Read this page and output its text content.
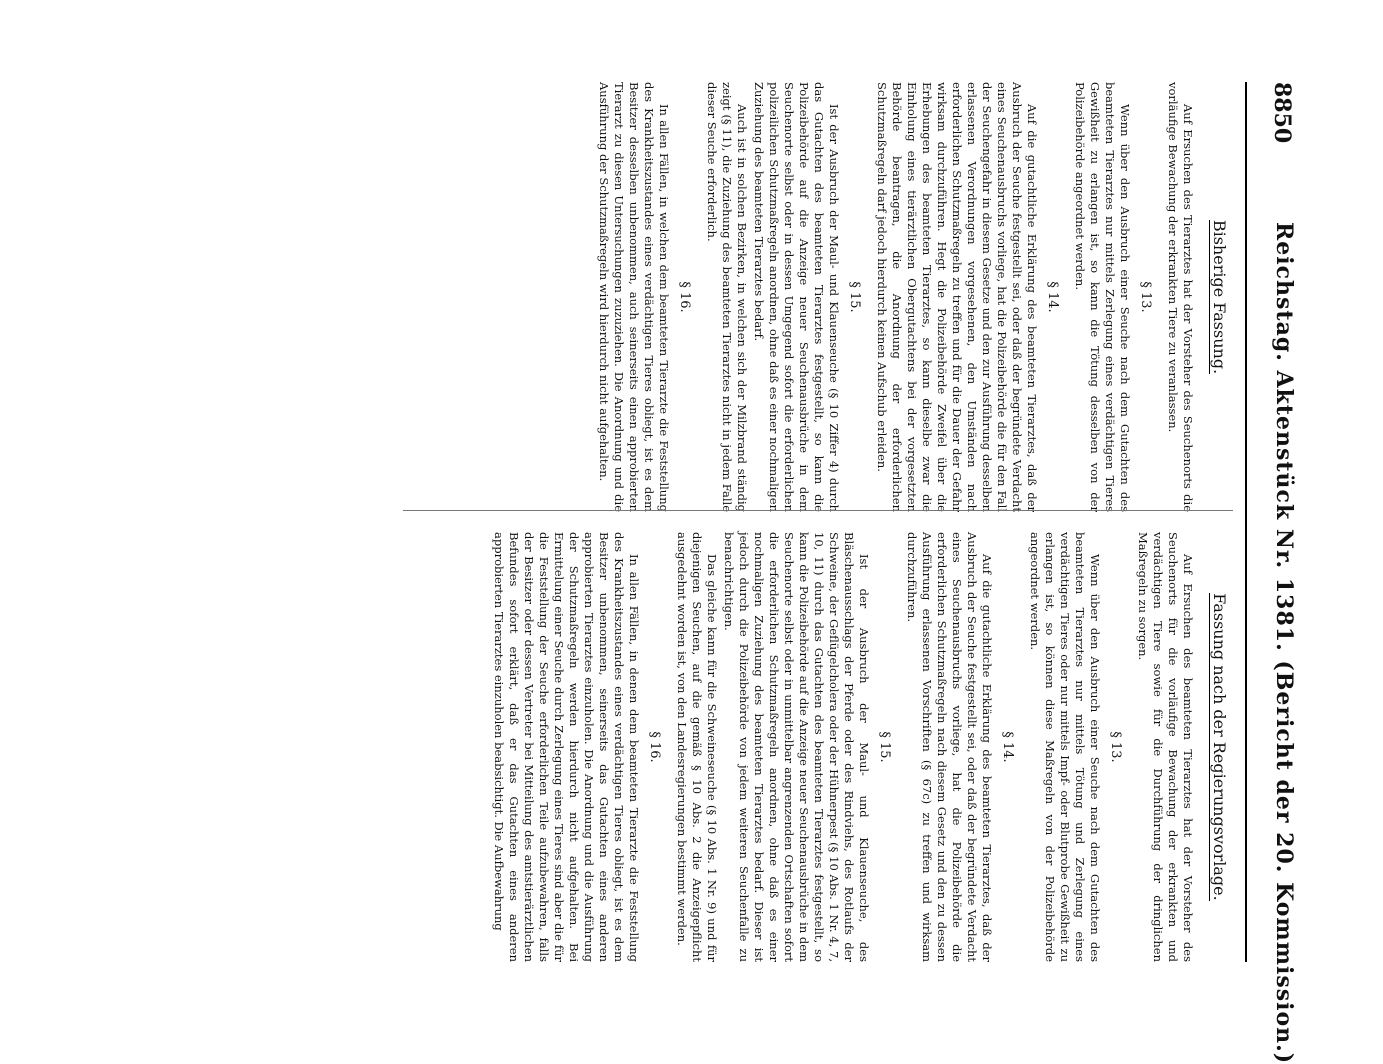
8850
Reichstag. Aktenstück Nr. 1381. (Bericht der 20. Kommission.)
Bisherige Fassung.
Auf Ersuchen des Tierarztes hat der Vorsteher des Seuchenorts die vorläufige Bewachung der erkrankten Tiere zu veranlassen.
§ 13.
Wenn über den Ausbruch einer Seuche nach dem Gutachten des beamteten Tierarztes nur mittels Zerlegung eines verdächtigen Tieres Gewißheit zu erlangen ist, so kann die Tötung desselben von der Polizeibehörde angeordnet werden.
§ 14.
Auf die gutachtliche Erklärung des beamteten Tierarztes, daß der Ausbruch der Seuche festgestellt sei, oder daß der begründete Verdacht eines Seuchenausbruchs vorliege, hat die Polizeibehörde die für den Fall der Seuchengefahr in diesem Gesetze und den zur Ausführung desselben erlassenen Verordnungen vorgesehenen, den Umständen nach erforderlichen Schutzmaßregeln zu treffen und für die Dauer der Gefahr wirksam durchzuführen. Hegt die Polizeibehörde Zweifel über die Erhebungen des beamteten Tierarztes, so kann dieselbe zwar die Einholung eines tierärztlichen Obergutachtens bei der vorgesetzten Behörde beantragen, die Anordnung der erforderlichen Schutzmaßregeln darf jedoch hierdurch keinen Aufschub erleiden.
§ 15.
Ist der Ausbruch der Maul- und Klauenseuche (§ 10 Ziffer 4) durch das Gutachten des beamteten Tierarztes festgestellt, so kann die Polizeibehörde auf die Anzeige neuer Seuchenausbrüche in dem Seuchenorte selbst oder in dessen Umgegend sofort die erforderlichen polizeilichen Schutzmaßregeln anordnen, ohne daß es einer nochmaligen Zuziehung des beamteten Tierarztes bedarf.
Auch ist in solchen Bezirken, in welchen sich der Milzbrand ständig zeigt (§ 11), die Zuziehung des beamteten Tierarztes nicht in jedem Falle dieser Seuche erforderlich.
§ 16.
In allen Fällen, in welchen dem beamteten Tierarzte die Feststellung des Krankheitszustandes eines verdächtigen Tieres obliegt, ist es dem Besitzer desselben unbenommen, auch seinerseits einen approbierten Tierarzt zu diesen Untersuchungen zuzuziehen. Die Anordnung und die Ausführung der Schutzmaßregeln wird hierdurch nicht aufgehalten.
Fassung nach der Regierungsvorlage.
Auf Ersuchen des beamteten Tierarztes hat der Vorsteher des Seuchenorts für die vorläufige Bewachung der erkrankten und verdächtigen Tiere sowie für die Durchführung der dringlichen Maßregeln zu sorgen.
§ 13.
Wenn über den Ausbruch einer Seuche nach dem Gutachten des beamteten Tierarztes nur mittels Tötung und Zerlegung eines verdächtigen Tieres oder nur mittels Impf- oder Blutprobe Gewißheit zu erlangen ist, so können diese Maßregeln von der Polizeibehörde angeordnet werden.
§ 14.
Auf die gutachtliche Erklärung des beamteten Tierarztes, daß der Ausbruch der Seuche festgestellt sei, oder daß der begründete Verdacht eines Seuchenausbruchs vorliege, hat die Polizeibehörde die erforderlichen Schutzmaßregeln nach diesem Gesetz und den zu dessen Ausführung erlassenen Vorschriften (§ 67c) zu treffen und wirksam durchzuführen.
§ 15.
Ist der Ausbruch der Maul- und Klauenseuche, des Bläschenausschlags der Pferde oder des Rindviehs, des Rotlaufs der Schweine, der Geflügelcholera oder der Hühnerpest (§ 10 Abs. 1 Nr. 4, 7, 10, 11) durch das Gutachten des beamteten Tierarztes festgestellt, so kann die Polizeibehörde auf die Anzeige neuer Seuchenausbrüche in dem Seuchenorte selbst oder in unmittelbar angrenzenden Ortschaften sofort die erforderlichen Schutzmaßregeln anordnen, ohne daß es einer nochmaligen Zuziehung des beamteten Tierarztes bedarf. Dieser ist jedoch durch die Polizeibehörde von jedem weiteren Seuchenfalle zu benachrichtigen.
Das gleiche kann für die Schweineseuche (§ 10 Abs. 1 Nr. 9) und für diejenigen Seuchen, auf die gemäß § 10 Abs. 2 die Anzeigepflicht ausgedehnt worden ist, von den Landesregierungen bestimmt werden.
§ 16.
In allen Fällen, in denen dem beamteten Tierarzte die Feststellung des Krankheitszustandes eines verdächtigen Tieres obliegt, ist es dem Besitzer unbenommen, seinerseits das Gutachten eines anderen approbierten Tierarztes einzuholen. Die Anordnung und die Ausführung der Schutzmaßregeln werden hierdurch nicht aufgehalten. Bei Ermittelung einer Seuche durch Zerlegung eines Tieres sind aber die für die Feststellung der Seuche erforderlichen Teile aufzubewahren, falls der Besitzer oder dessen Vertreter bei Mitteilung des amtstierärztlichen Befundes sofort erklärt, daß er das Gutachten eines anderen approbierten Tierarztes einzuholen beabsichtigt. Die Aufbewahrung
